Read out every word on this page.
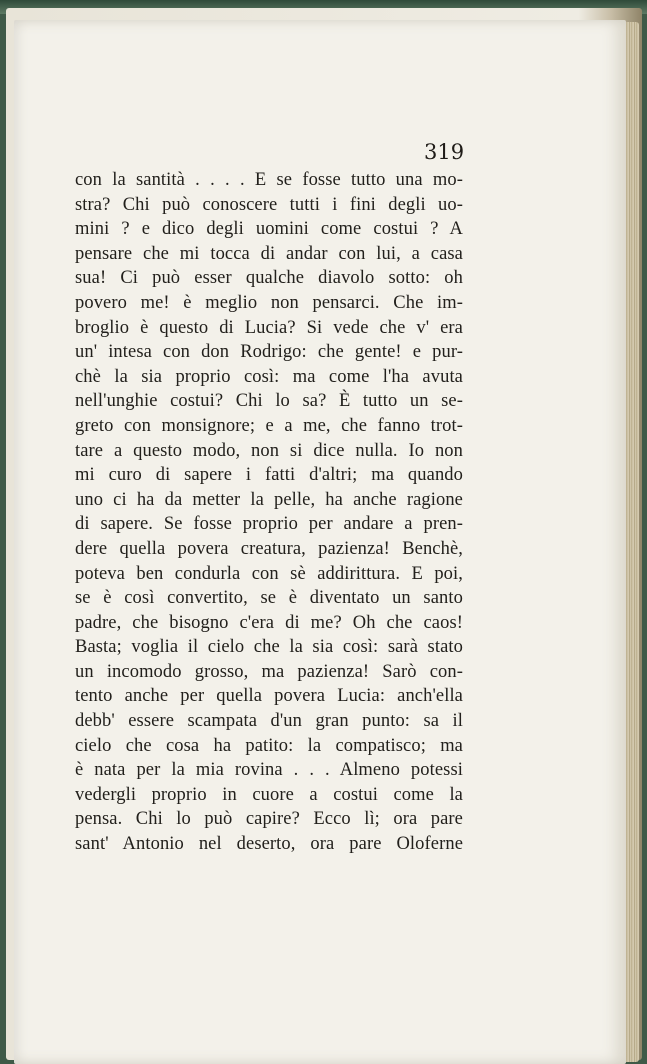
319

con la santità . . . . E se fosse tutto una mo-
stra? Chi può conoscere tutti i fini degli uo-
mini ? e dico degli uomini come costui ? A
pensare che mi tocca di andar con lui, a casa
sua! Ci può esser qualche diavolo sotto: oh
povero me! è meglio non pensarci. Che im-
broglio è questo di Lucia? Si vede che v' era
un' intesa con don Rodrigo: che gente! e pur-
chè la sia proprio così: ma come l'ha avuta
nell'unghie costui? Chi lo sa? È tutto un se-
greto con monsignore; e a me, che fanno trot-
tare a questo modo, non si dice nulla. Io non
mi curo di sapere i fatti d'altri; ma quando
uno ci ha da metter la pelle, ha anche ragione
di sapere. Se fosse proprio per andare a pren-
dere quella povera creatura, pazienza! Benchè,
poteva ben condurla con sè addirittura. E poi,
se è così convertito, se è diventato un santo
padre, che bisogno c'era di me? Oh che caos!
Basta; voglia il cielo che la sia così: sarà stato
un incomodo grosso, ma pazienza! Sarò con-
tento anche per quella povera Lucia: anch'ella
debb' essere scampata d'un gran punto: sa il
cielo che cosa ha patito: la compatisco; ma
è nata per la mia rovina . . . Almeno potessi
vedergli proprio in cuore a costui come la
pensa. Chi lo può capire? Ecco lì; ora pare
sant' Antonio nel deserto, ora pare Oloferne
